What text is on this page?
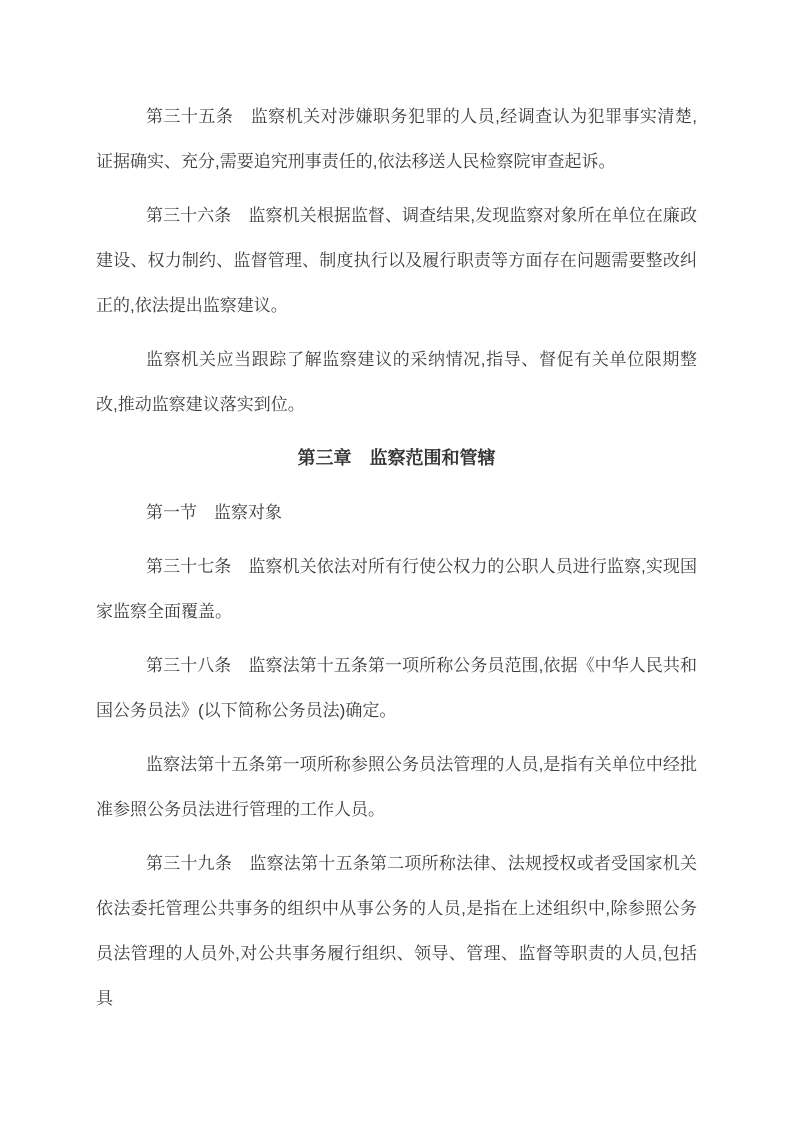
第三十五条　监察机关对涉嫌职务犯罪的人员,经调查认为犯罪事实清楚,证据确实、充分,需要追究刑事责任的,依法移送人民检察院审查起诉。

第三十六条　监察机关根据监督、调查结果,发现监察对象所在单位在廉政建设、权力制约、监督管理、制度执行以及履行职责等方面存在问题需要整改纠正的,依法提出监察建议。

监察机关应当跟踪了解监察建议的采纳情况,指导、督促有关单位限期整改,推动监察建议落实到位。

第三章　监察范围和管辖

第一节　监察对象

第三十七条　监察机关依法对所有行使公权力的公职人员进行监察,实现国家监察全面覆盖。

第三十八条　监察法第十五条第一项所称公务员范围,依据《中华人民共和国公务员法》(以下简称公务员法)确定。

监察法第十五条第一项所称参照公务员法管理的人员,是指有关单位中经批准参照公务员法进行管理的工作人员。

第三十九条　监察法第十五条第二项所称法律、法规授权或者受国家机关依法委托管理公共事务的组织中从事公务的人员,是指在上述组织中,除参照公务员法管理的人员外,对公共事务履行组织、领导、管理、监督等职责的人员,包括具
